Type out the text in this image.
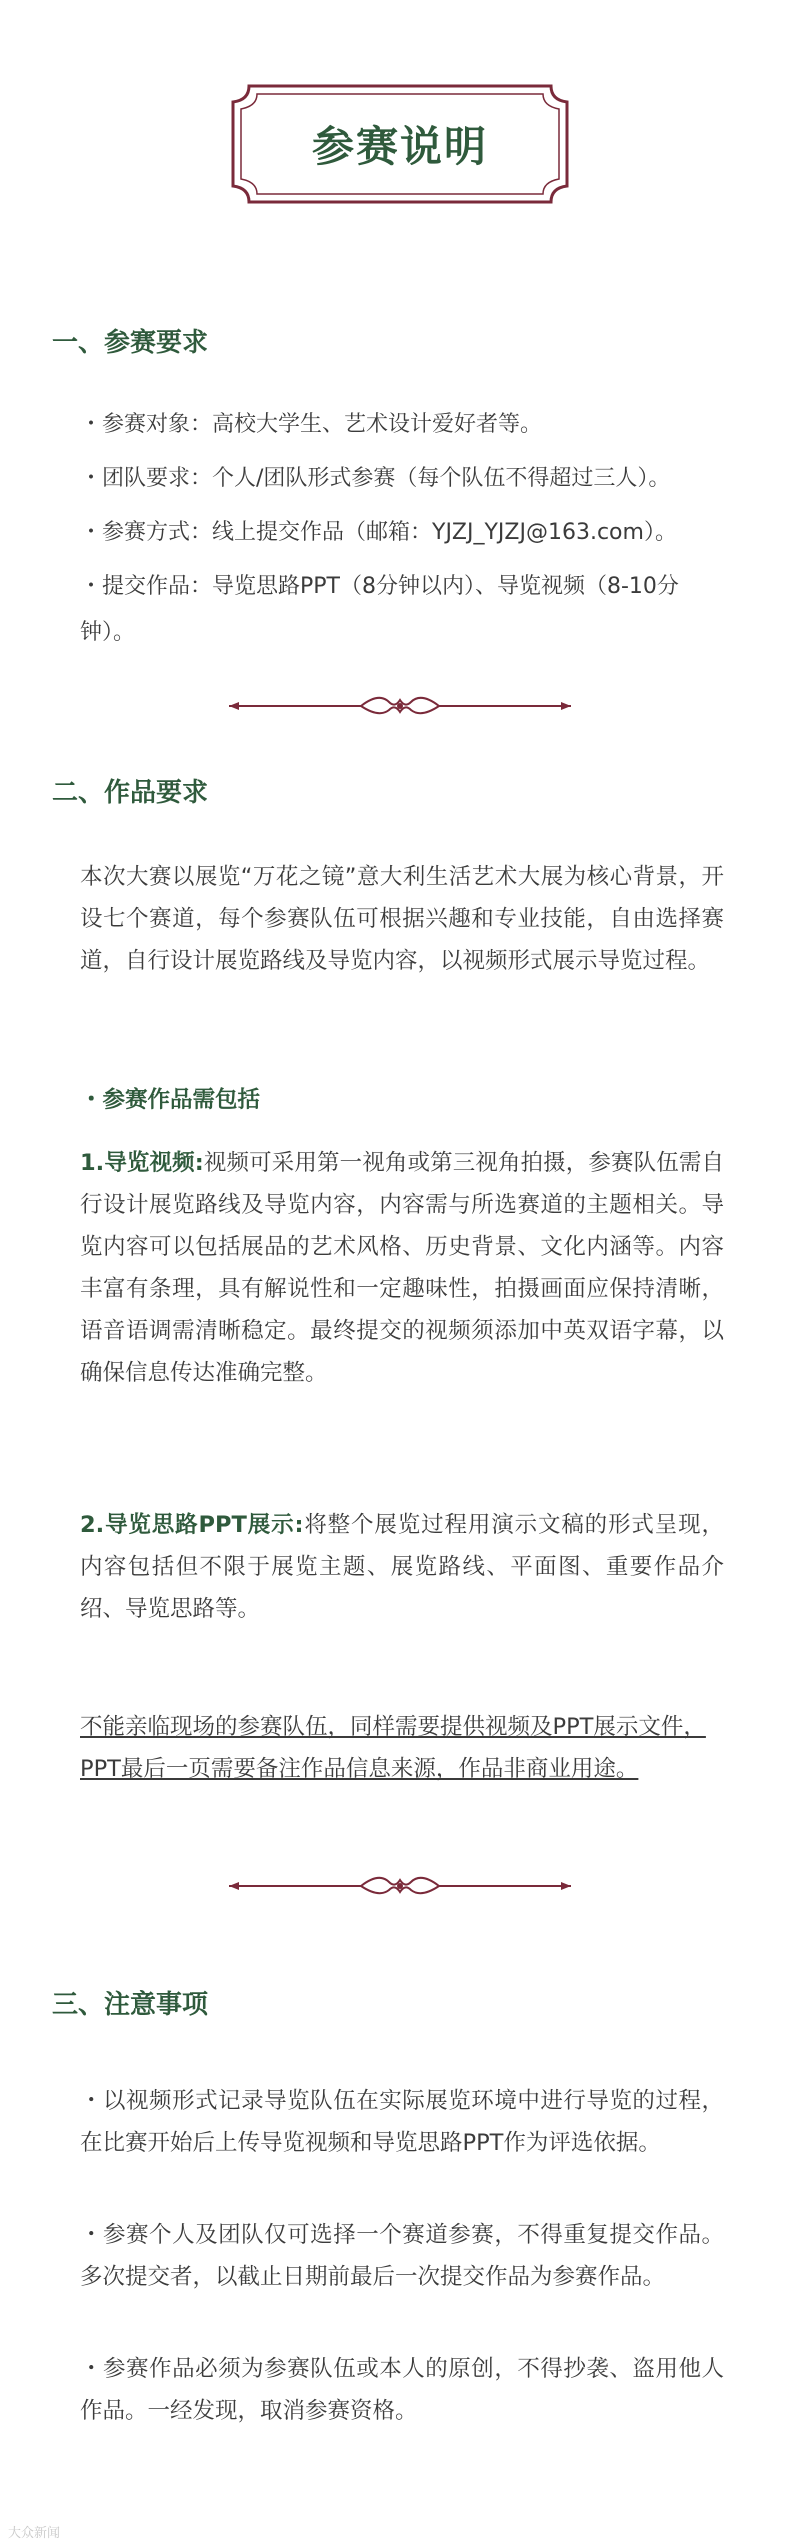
参赛说明
一、参赛要求
・参赛对象：高校大学生、艺术设计爱好者等。
・团队要求：个人/团队形式参赛（每个队伍不得超过三人）。
・参赛方式：线上提交作品（邮箱：YJZJ_YJZJ@163.com）。
・提交作品：导览思路PPT（8分钟以内）、导览视频（8-10分
钟）。
二、作品要求
本次大赛以展览“万花之镜”意大利生活艺术大展为核心背景，开设七个赛道，每个参赛队伍可根据兴趣和专业技能，自由选择赛道，自行设计展览路线及导览内容，以视频形式展示导览过程。
・参赛作品需包括
1.导览视频:视频可采用第一视角或第三视角拍摄，参赛队伍需自行设计展览路线及导览内容，内容需与所选赛道的主题相关。导览内容可以包括展品的艺术风格、历史背景、文化内涵等。内容丰富有条理，具有解说性和一定趣味性，拍摄画面应保持清晰，语音语调需清晰稳定。最终提交的视频须添加中英双语字幕，以确保信息传达准确完整。
2.导览思路PPT展示:将整个展览过程用演示文稿的形式呈现，内容包括但不限于展览主题、展览路线、平面图、重要作品介绍、导览思路等。
不能亲临现场的参赛队伍，同样需要提供视频及PPT展示文件，PPT最后一页需要备注作品信息来源，作品非商业用途。
三、注意事项
・以视频形式记录导览队伍在实际展览环境中进行导览的过程，在比赛开始后上传导览视频和导览思路PPT作为评选依据。
・参赛个人及团队仅可选择一个赛道参赛，不得重复提交作品。多次提交者，以截止日期前最后一次提交作品为参赛作品。
・参赛作品必须为参赛队伍或本人的原创，不得抄袭、盗用他人作品。一经发现，取消参赛资格。
大众新闻
